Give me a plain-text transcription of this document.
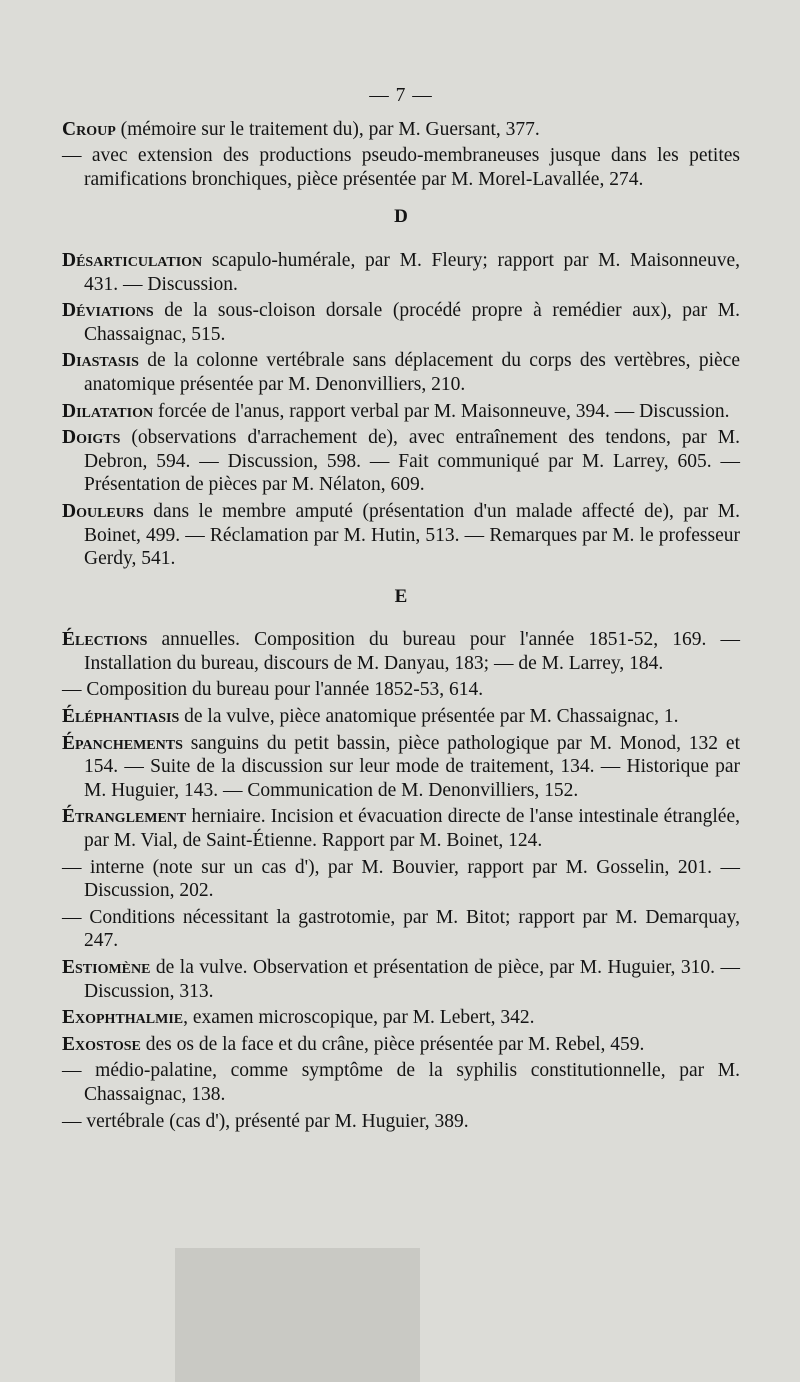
— 7 —
Croup (mémoire sur le traitement du), par M. Guersant, 377.
— avec extension des productions pseudo-membraneuses jusque dans les petites ramifications bronchiques, pièce présentée par M. Morel-Lavallée, 274.
D
Désarticulation scapulo-humérale, par M. Fleury; rapport par M. Maisonneuve, 431. — Discussion.
Déviations de la sous-cloison dorsale (procédé propre à remédier aux), par M. Chassaignac, 515.
Diastasis de la colonne vertébrale sans déplacement du corps des vertèbres, pièce anatomique présentée par M. Denonvilliers, 210.
Dilatation forcée de l'anus, rapport verbal par M. Maisonneuve, 394. — Discussion.
Doigts (observations d'arrachement de), avec entraînement des tendons, par M. Debron, 594. — Discussion, 598. — Fait communiqué par M. Larrey, 605. — Présentation de pièces par M. Nélaton, 609.
Douleurs dans le membre amputé (présentation d'un malade affecté de), par M. Boinet, 499. — Réclamation par M. Hutin, 513. — Remarques par M. le professeur Gerdy, 541.
E
Élections annuelles. Composition du bureau pour l'année 1851-52, 169. — Installation du bureau, discours de M. Danyau, 183; — de M. Larrey, 184.
— Composition du bureau pour l'année 1852-53, 614.
Éléphantiasis de la vulve, pièce anatomique présentée par M. Chassaignac, 1.
Épanchements sanguins du petit bassin, pièce pathologique par M. Monod, 132 et 154. — Suite de la discussion sur leur mode de traitement, 134. — Historique par M. Huguier, 143. — Communication de M. Denonvilliers, 152.
Étranglement herniaire. Incision et évacuation directe de l'anse intestinale étranglée, par M. Vial, de Saint-Étienne. Rapport par M. Boinet, 124.
— interne (note sur un cas d'), par M. Bouvier, rapport par M. Gosselin, 201. — Discussion, 202.
— Conditions nécessitant la gastrotomie, par M. Bitot; rapport par M. Demarquay, 247.
Estiomène de la vulve. Observation et présentation de pièce, par M. Huguier, 310. — Discussion, 313.
Exophthalmie, examen microscopique, par M. Lebert, 342.
Exostose des os de la face et du crâne, pièce présentée par M. Rebel, 459.
— médio-palatine, comme symptôme de la syphilis constitutionnelle, par M. Chassaignac, 138.
— vertébrale (cas d'), présenté par M. Huguier, 389.
